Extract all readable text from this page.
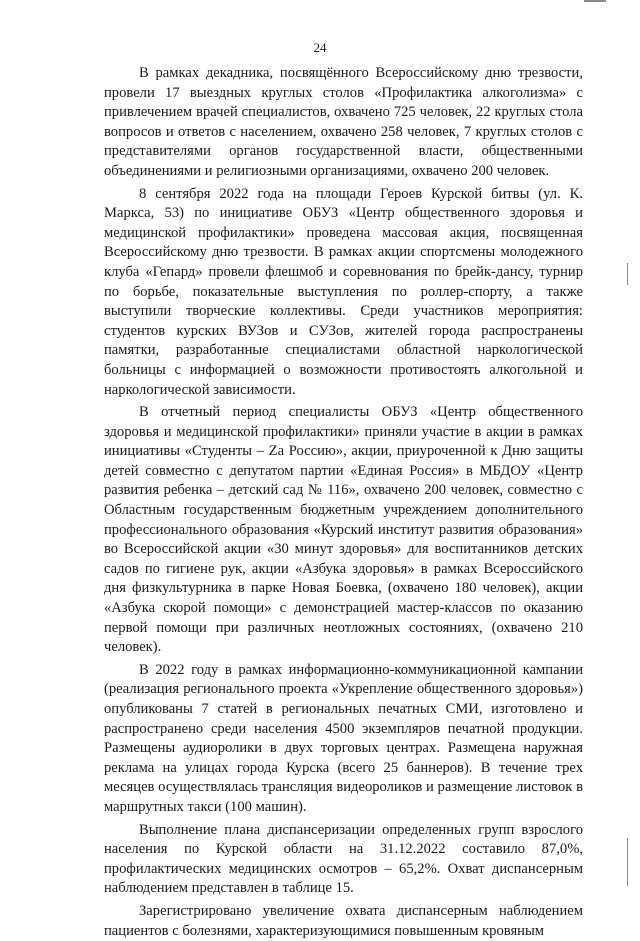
24

В рамках декадника, посвящённого Всероссийскому дню трезвости, провели 17 выездных круглых столов «Профилактика алкоголизма» с привлечением врачей специалистов, охвачено 725 человек, 22 круглых стола вопросов и ответов с населением, охвачено 258 человек, 7 круглых столов с представителями органов государственной власти, общественными объединениями и религиозными организациями, охвачено 200 человек.

8 сентября 2022 года на площади Героев Курской битвы (ул. К. Маркса, 53) по инициативе ОБУЗ «Центр общественного здоровья и медицинской профилактики» проведена массовая акция, посвященная Всероссийскому дню трезвости. В рамках акции спортсмены молодежного клуба «Гепард» провели флешмоб и соревнования по брейк-дансу, турнир по борьбе, показательные выступления по роллер-спорту, а также выступили творческие коллективы. Среди участников мероприятия: студентов курских ВУЗов и СУЗов, жителей города распространены памятки, разработанные специалистами областной наркологической больницы с информацией о возможности противостоять алкогольной и наркологической зависимости.

В отчетный период специалисты ОБУЗ «Центр общественного здоровья и медицинской профилактики» приняли участие в акции в рамках инициативы «Студенты – Zа Россию», акции, приуроченной к Дню защиты детей совместно с депутатом партии «Единая Россия» в МБДОУ «Центр развития ребенка – детский сад № 116», охвачено 200 человек, совместно с Областным государственным бюджетным учреждением дополнительного профессионального образования «Курский институт развития образования» во Всероссийской акции «30 минут здоровья» для воспитанников детских садов по гигиене рук, акции «Азбука здоровья» в рамках Всероссийского дня физкультурника в парке Новая Боевка, (охвачено 180 человек), акции «Азбука скорой помощи» с демонстрацией мастер-классов по оказанию первой помощи при различных неотложных состояниях, (охвачено 210 человек).

В 2022 году в рамках информационно-коммуникационной кампании (реализация регионального проекта «Укрепление общественного здоровья») опубликованы 7 статей в региональных печатных СМИ, изготовлено и распространено среди населения 4500 экземпляров печатной продукции. Размещены аудиоролики в двух торговых центрах. Размещена наружная реклама на улицах города Курска (всего 25 баннеров). В течение трех месяцев осуществлялась трансляция видеороликов и размещение листовок в маршрутных такси (100 машин).

Выполнение плана диспансеризации определенных групп взрослого населения по Курской области на 31.12.2022 составило 87,0%, профилактических медицинских осмотров – 65,2%. Охват диспансерным наблюдением представлен в таблице 15.

Зарегистрировано увеличение охвата диспансерным наблюдением пациентов с болезнями, характеризующимися повышенным кровяным
